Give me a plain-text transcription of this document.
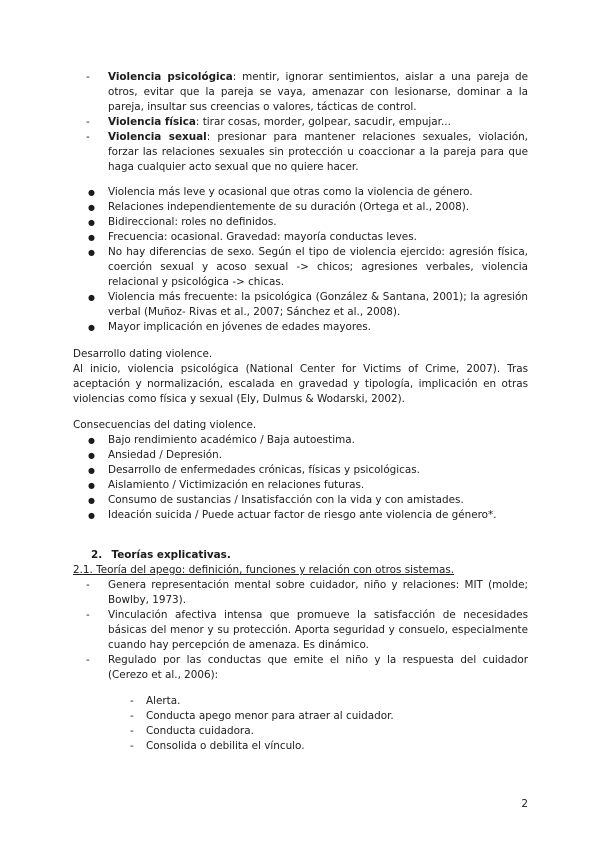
- Violencia psicológica: mentir, ignorar sentimientos, aislar a una pareja de otros, evitar que la pareja se vaya, amenazar con lesionarse, dominar a la pareja, insultar sus creencias o valores, tácticas de control.
- Violencia física: tirar cosas, morder, golpear, sacudir, empujar...
- Violencia sexual: presionar para mantener relaciones sexuales, violación, forzar las relaciones sexuales sin protección u coaccionar a la pareja para que haga cualquier acto sexual que no quiere hacer.
● Violencia más leve y ocasional que otras como la violencia de género.
● Relaciones independientemente de su duración (Ortega et al., 2008).
● Bidireccional: roles no definidos.
● Frecuencia: ocasional. Gravedad: mayoría conductas leves.
● No hay diferencias de sexo. Según el tipo de violencia ejercido: agresión física, coerción sexual y acoso sexual -> chicos; agresiones verbales, violencia relacional y psicológica -> chicas.
● Violencia más frecuente: la psicológica (González & Santana, 2001); la agresión verbal (Muñoz- Rivas et al., 2007; Sánchez et al., 2008).
● Mayor implicación en jóvenes de edades mayores.
Desarrollo dating violence.
Al inicio, violencia psicológica (National Center for Victims of Crime, 2007). Tras aceptación y normalización, escalada en gravedad y tipología, implicación en otras violencias como física y sexual (Ely, Dulmus & Wodarski, 2002).
Consecuencias del dating violence.
● Bajo rendimiento académico / Baja autoestima.
● Ansiedad / Depresión.
● Desarrollo de enfermedades crónicas, físicas y psicológicas.
● Aislamiento / Victimización en relaciones futuras.
● Consumo de sustancias / Insatisfacción con la vida y con amistades.
● Ideación suicida / Puede actuar factor de riesgo ante violencia de género*.
2. Teorías explicativas.
2.1. Teoría del apego: definición, funciones y relación con otros sistemas.
- Genera representación mental sobre cuidador, niño y relaciones: MIT (molde; Bowlby, 1973).
- Vinculación afectiva intensa que promueve la satisfacción de necesidades básicas del menor y su protección. Aporta seguridad y consuelo, especialmente cuando hay percepción de amenaza. Es dinámico.
- Regulado por las conductas que emite el niño y la respuesta del cuidador (Cerezo et al., 2006):
- Alerta.
- Conducta apego menor para atraer al cuidador.
- Conducta cuidadora.
- Consolida o debilita el vínculo.
2
